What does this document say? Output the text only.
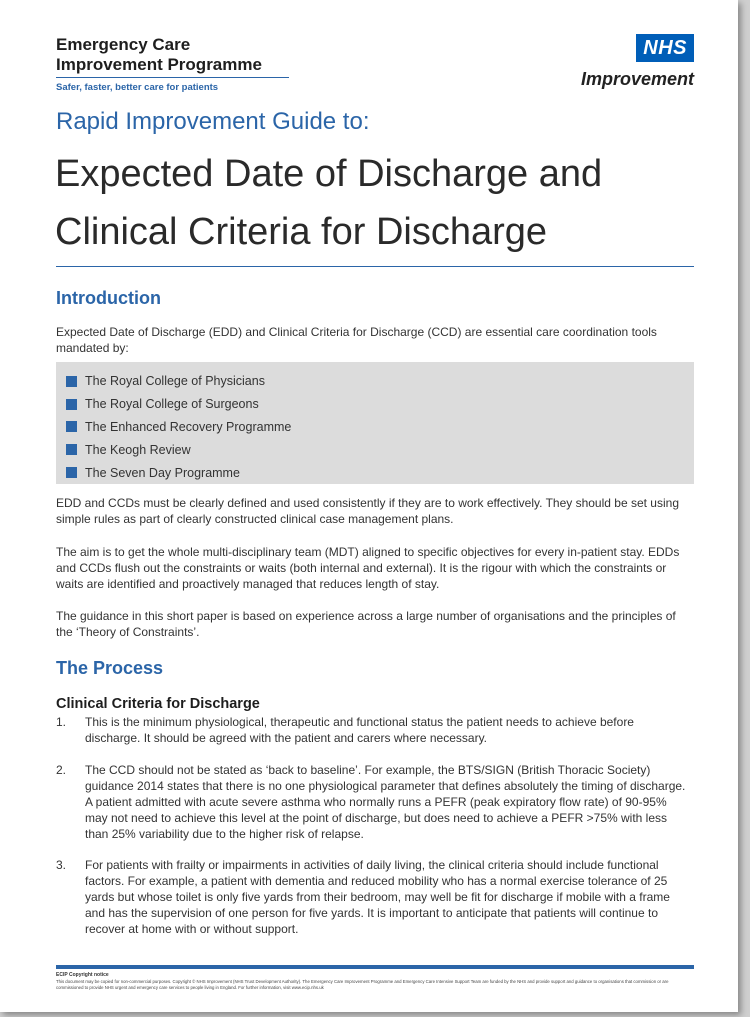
Emergency Care
Improvement Programme
Safer, faster, better care for patients
NHS
Improvement
Rapid Improvement Guide to:
Expected Date of Discharge and
Clinical Criteria for Discharge
Introduction
Expected Date of Discharge (EDD) and Clinical Criteria for Discharge (CCD) are essential care coordination tools mandated by:
The Royal College of Physicians
The Royal College of Surgeons
The Enhanced Recovery Programme
The Keogh Review
The Seven Day Programme
EDD and CCDs must be clearly defined and used consistently if they are to work effectively. They should be set using simple rules as part of clearly constructed clinical case management plans.
The aim is to get the whole multi-disciplinary team (MDT) aligned to specific objectives for every in-patient stay. EDDs and CCDs flush out the constraints or waits (both internal and external). It is the rigour with which the constraints or waits are identified and proactively managed that reduces length of stay.
The guidance in this short paper is based on experience across a large number of organisations and the principles of the ‘Theory of Constraints’.
The Process
Clinical Criteria for Discharge
1.	This is the minimum physiological, therapeutic and functional status the patient needs to achieve before discharge. It should be agreed with the patient and carers where necessary.
2.	The CCD should not be stated as ‘back to baseline’. For example, the BTS/SIGN (British Thoracic Society) guidance 2014 states that there is no one physiological parameter that defines absolutely the timing of discharge. A patient admitted with acute severe asthma who normally runs a PEFR (peak expiratory flow rate) of 90-95% may not need to achieve this level at the point of discharge, but does need to achieve a PEFR >75% with less than 25% variability due to the higher risk of relapse.
3.	For patients with frailty or impairments in activities of daily living, the clinical criteria should include functional factors. For example, a patient with dementia and reduced mobility who has a normal exercise tolerance of 25 yards but whose toilet is only five yards from their bedroom, may well be fit for discharge if mobile with a frame and has the supervision of one person for five yards. It is important to anticipate that patients will continue to recover at home with or without support.
ECIP Copyright notice
This document may be copied for non-commercial purposes. Copyright © NHS Improvement (NHS Trust Development Authority). The Emergency Care Improvement Programme and Emergency Care Intensive Support Team are funded by the NHS and provide support and guidance to organisations that commission or are commissioned to provide NHS urgent and emergency care services to people living in England. For further information, visit www.ecip.nhs.uk
